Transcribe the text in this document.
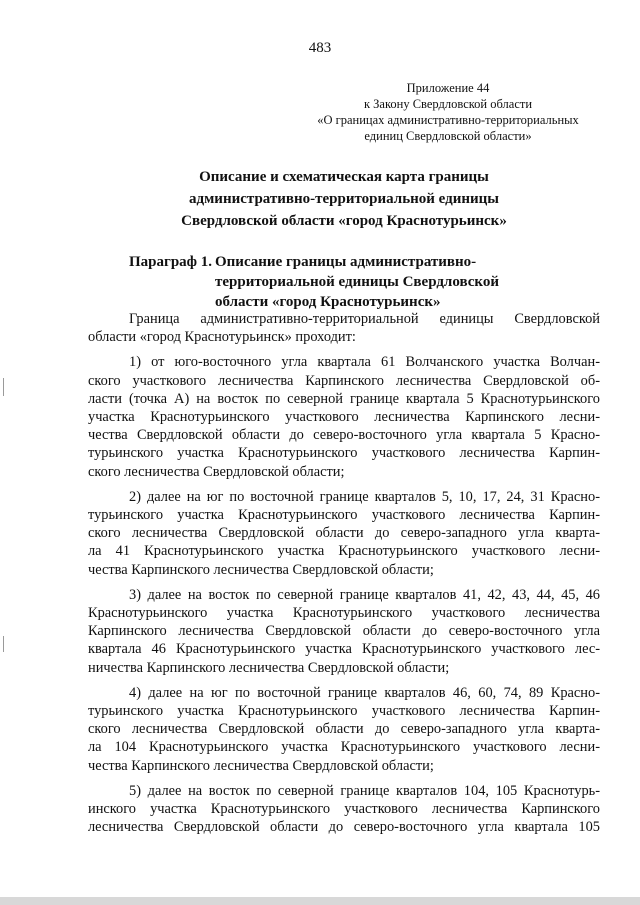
483
Приложение 44
к Закону Свердловской области
«О границах административно-территориальных
единиц Свердловской области»
Описание и схематическая карта границы
административно-территориальной единицы
Свердловской области «город Краснотурьинск»
Параграф 1. Описание границы административно-
территориальной единицы Свердловской
области «город Краснотурьинск»
Граница административно-территориальной единицы Свердловской
области «город Краснотурьинск» проходит:
1) от юго-восточного угла квартала 61 Волчанского участка Волчан-
ского участкового лесничества Карпинского лесничества Свердловской об-
ласти (точка А) на восток по северной границе квартала 5 Краснотурьинского
участка Краснотурьинского участкового лесничества Карпинского лесни-
чества Свердловской области до северо-восточного угла квартала 5 Красно-
турьинского участка Краснотурьинского участкового лесничества Карпин-
ского лесничества Свердловской области;
2) далее на юг по восточной границе кварталов 5, 10, 17, 24, 31 Красно-
турьинского участка Краснотурьинского участкового лесничества Карпин-
ского лесничества Свердловской области до северо-западного угла кварта-
ла 41 Краснотурьинского участка Краснотурьинского участкового лесни-
чества Карпинского лесничества Свердловской области;
3) далее на восток по северной границе кварталов 41, 42, 43, 44, 45, 46
Краснотурьинского участка Краснотурьинского участкового лесничества
Карпинского лесничества Свердловской области до северо-восточного угла
квартала 46 Краснотурьинского участка Краснотурьинского участкового лес-
ничества Карпинского лесничества Свердловской области;
4) далее на юг по восточной границе кварталов 46, 60, 74, 89 Красно-
турьинского участка Краснотурьинского участкового лесничества Карпин-
ского лесничества Свердловской области до северо-западного угла кварта-
ла 104 Краснотурьинского участка Краснотурьинского участкового лесни-
чества Карпинского лесничества Свердловской области;
5) далее на восток по северной границе кварталов 104, 105 Краснотурь-
инского участка Краснотурьинского участкового лесничества Карпинского
лесничества Свердловской области до северо-восточного угла квартала 105
